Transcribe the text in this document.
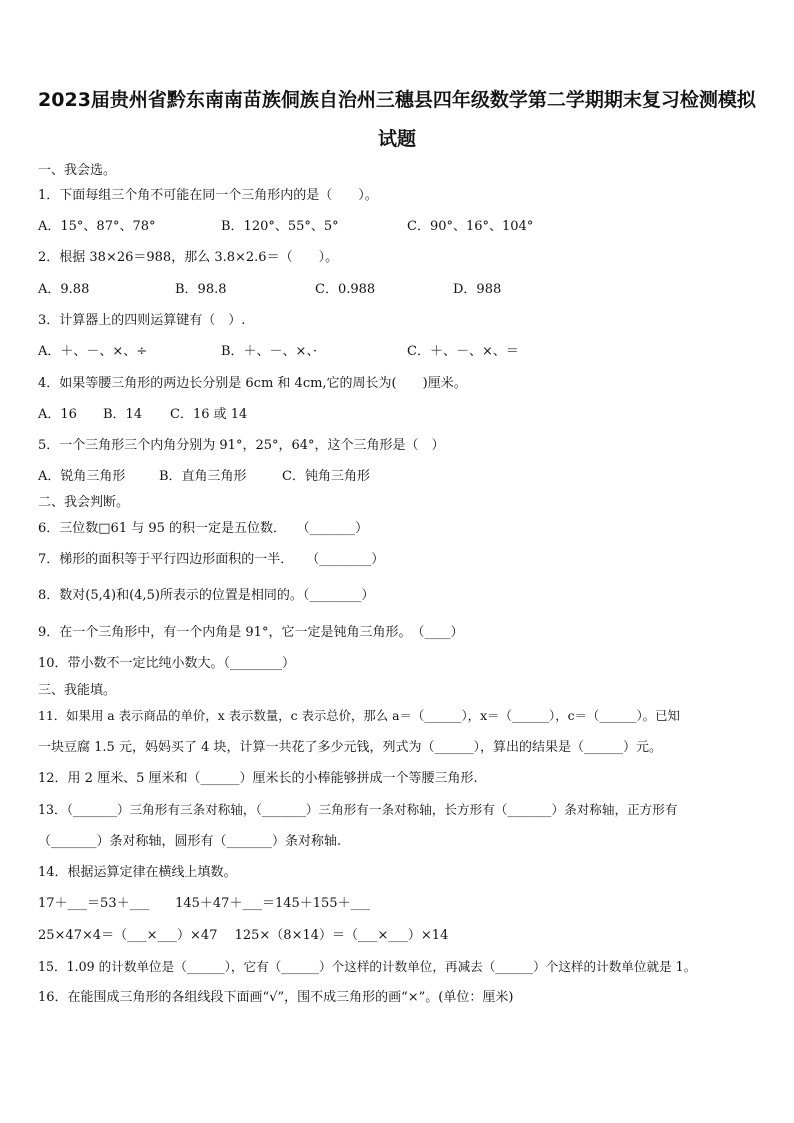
2023届贵州省黔东南南苗族侗族自治州三穗县四年级数学第二学期期末复习检测模拟
试题
一、我会选。
1．下面每组三个角不可能在同一个三角形内的是（　　）。
A．15°、87°、78°	B．120°、55°、5°	C．90°、16°、104°
2．根据 38×26＝988，那么 3.8×2.6＝（　　）。
A．9.88	B．98.8	C．0.988	D．988
3．计算器上的四则运算键有（　）.
A．＋、－、×、÷	B．＋、－、×、·	C．＋、－、×、＝
4．如果等腰三角形的两边长分别是 6cm 和 4cm,它的周长为(　　)厘米。
A．16 B．14 C．16 或 14
5．一个三角形三个内角分别为 91°，25°，64°，这个三角形是（　）
A．锐角三角形	B．直角三角形	C．钝角三角形
二、我会判断。
6．三位数□61 与 95 的积一定是五位数．　 （_______）
7．梯形的面积等于平行四边形面积的一半．　　（________）
8．数对(5,4)和(4,5)所表示的位置是相同的。（________）
9．在一个三角形中，有一个内角是 91°，它一定是钝角三角形。　（____）
10．带小数不一定比纯小数大。（________）
三、我能填。
11．如果用 a 表示商品的单价，x 表示数量，c 表示总价，那么 a＝（______），x＝（______），c＝（______）。已知
一块豆腐 1.5 元，妈妈买了 4 块，计算一共花了多少元钱，列式为（______），算出的结果是（______）元。
12．用 2 厘米、5 厘米和（______）厘米长的小棒能够拼成一个等腰三角形.
13．（_______）三角形有三条对称轴，（_______）三角形有一条对称轴，长方形有（_______）条对称轴，正方形有
（_______）条对称轴，圆形有（_______）条对称轴.
14．根据运算定律在横线上填数。
17＋___＝53＋___　　145＋47＋___＝145＋155＋___
25×47×4＝（___×___）×47　 125×（8×14）＝（___×___）×14
15．1.09 的计数单位是（______），它有（______）个这样的计数单位，再减去（______）个这样的计数单位就是 1。
16．在能围成三角形的各组线段下面画“√”，围不成三角形的画“×”。(单位：厘米)
